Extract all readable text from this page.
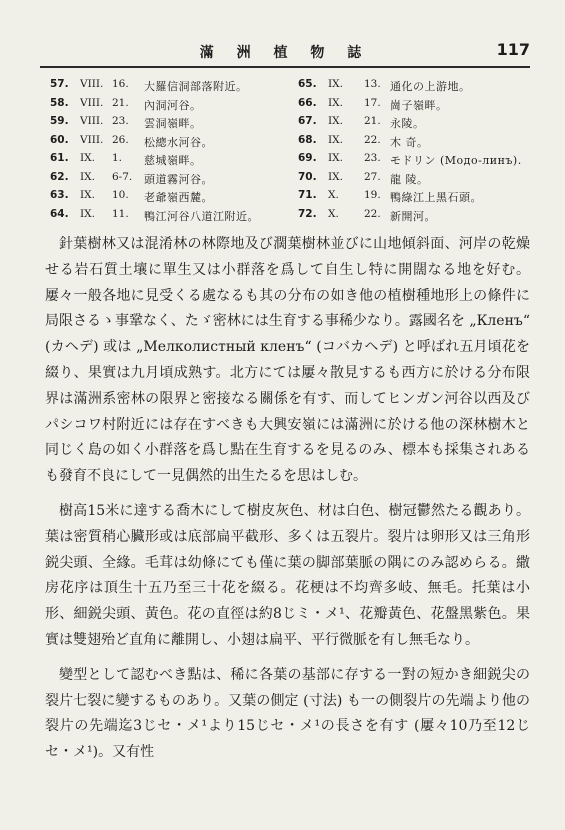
滿 洲 植 物 誌	117
57.	VIII. 16.	大羅信洞部落附近。
58.	VIII. 21.	內洞河谷。
59.	VIII. 23.	雲洞嶺畔。
60.	VIII. 26.	松總水河谷。
61.	IX.	1.	慈城嶺畔。
62.	IX.	6-7.	頭道霧河谷。
63.	IX.	10.	老爺嶺西麓。
64.	IX.	11.	鴨江河谷八道江附近。
65.	IX.	13. 通化の上游地。
66.	IX.	17. 崗子嶺畔。
67.	IX.	21. 永陵。
68.	IX.	22. 木 奇。
69.	IX.	23. モドリン (Модо-линъ).
70.	IX.	27. 龍 陵。
71.	X.	19. 鴨綠江上黑石頭。
72.	X.	22. 新開河。

針葉樹林又は混淆林の林際地及び濶葉樹林並びに山地傾斜面、河岸の乾燥せる岩石質土壤に單生又は小群落を爲して自生し特に開闊なる地を好む。屢々一般各地に見受くる處なるも其の分布の如き他の植樹種地形上の條件に局限さるゝ事鞏なく、たゞ密林には生育する事稀少なり。露國名を „Кленъ“ (カヘデ) 或は „Мелколистный кленъ“ (コバカヘデ) と呼ばれ五月頃花を綴り、果實は九月頃成熟す。北方にては屢々散見するも西方に於ける分布限界は滿洲系密林の限界と密接なる關係を有す、而してヒンガン河谷以西及びパシコワ村附近には存在すべきも大興安嶺には滿洲に於ける他の深林樹木と同じく島の如く小群落を爲し點在生育するを見るのみ、標本も採集されあるも發育不良にして一見偶然的出生たるを思はしむ。

樹高15米に達する喬木にして樹皮灰色、材は白色、樹冠鬱然たる觀あり。葉は密質稍心臟形或は底部扁平截形、多くは五裂片。裂片は卵形又は三角形鋭尖頭、全緣。毛茸は幼條にても僅に葉の脚部葉脈の隅にのみ認めらる。繖房花序は頂生十五乃至三十花を綴る。花梗は不均齊多岐、無毛。托葉は小形、細鋭尖頭、黃色。花の直徑は約8じミ・メ¹、花瓣黃色、花盤黑紫色。果實は雙翅殆ど直角に離開し、小翅は扁平、平行微脈を有し無毛なり。

變型として認むべき點は、稀に各葉の基部に存する一對の短かき細鋭尖の裂片七裂に變するものあり。又葉の側定 (寸法) も一の側裂片の先端より他の裂片の先端迄3じセ・メ¹より15じセ・メ¹の長さを有す (屢々10乃至12じセ・メ¹)。又有性
